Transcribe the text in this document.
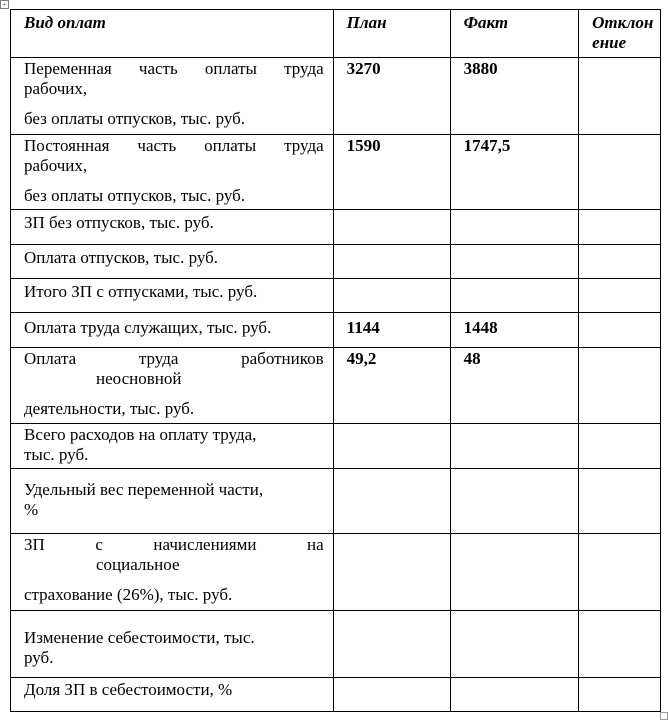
+
Вид оплат	План	Факт	Отклон ение

Переменная часть оплаты труда
рабочих,
без оплаты отпусков, тыс. руб.	3270	3880	

Постоянная часть оплаты труда
рабочих,
без оплаты отпусков, тыс. руб.	1590	1747,5	
ЗП без отпусков, тыс. руб.			
Оплата отпусков, тыс. руб.			
Итого ЗП с отпусками, тыс. руб.			
Оплата труда служащих, тыс. руб.	1144	1448	

Оплата труда работников
неосновной
деятельности, тыс. руб.	49,2	48	

Всего расходов на оплату труда,
тыс. руб.			

Удельный вес переменной части,
%			

ЗП с начислениями на
социальное
страхование (26%), тыс. руб.			

Изменение себестоимости, тыс.
руб.			

Доля ЗП в себестоимости, %			
